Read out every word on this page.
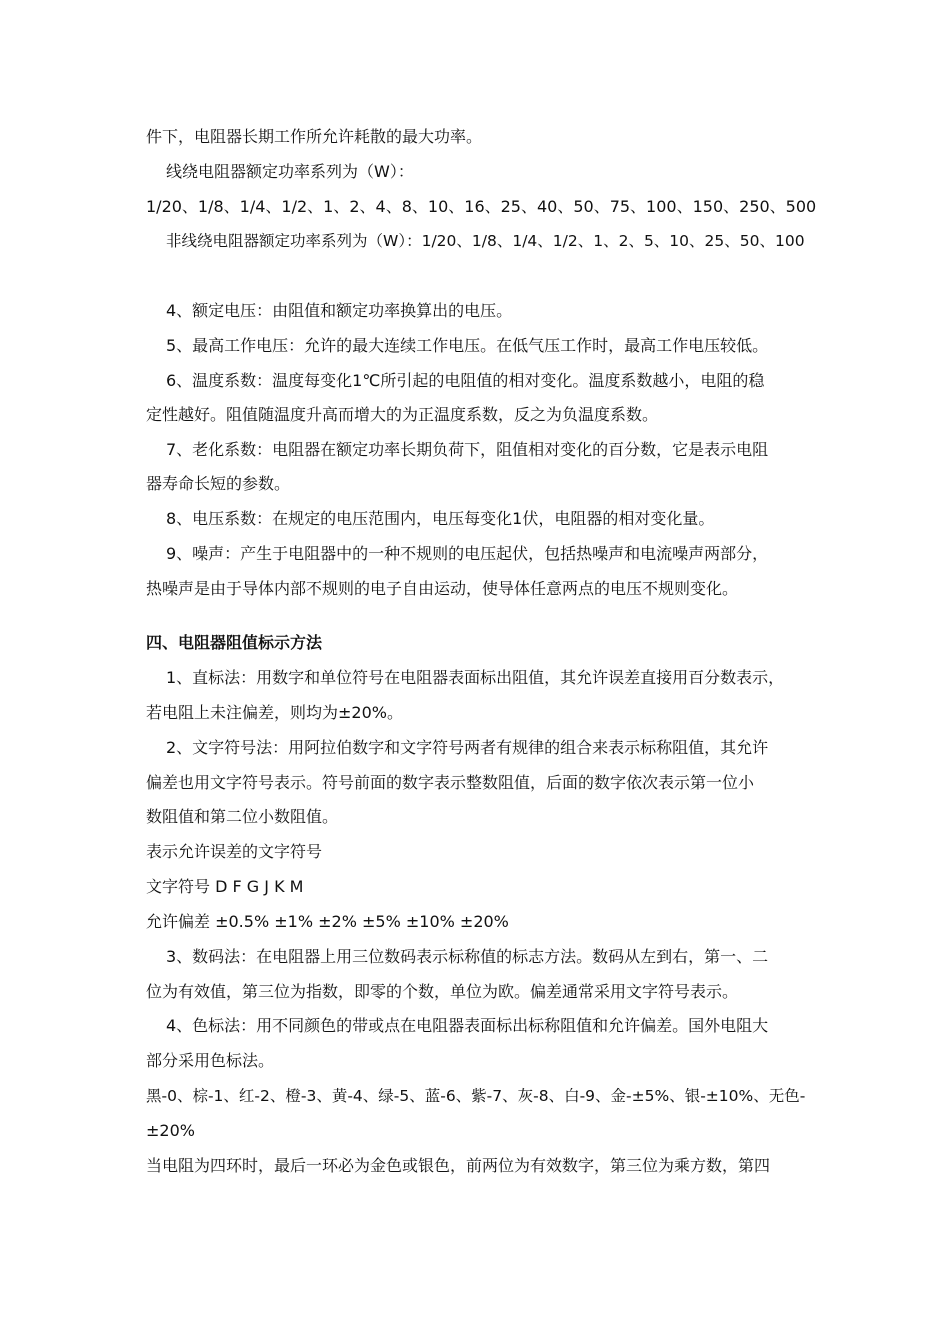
件下，电阻器长期工作所允许耗散的最大功率。
线绕电阻器额定功率系列为（W）：
1/20、1/8、1/4、1/2、1、2、4、8、10、16、25、40、50、75、100、150、250、500
非线绕电阻器额定功率系列为（W）：1/20、1/8、1/4、1/2、1、2、5、10、25、50、100
4、额定电压：由阻值和额定功率换算出的电压。
5、最高工作电压：允许的最大连续工作电压。在低气压工作时，最高工作电压较低。
6、温度系数：温度每变化1℃所引起的电阻值的相对变化。温度系数越小，电阻的稳
定性越好。阻值随温度升高而增大的为正温度系数，反之为负温度系数。
7、老化系数：电阻器在额定功率长期负荷下，阻值相对变化的百分数，它是表示电阻
器寿命长短的参数。
8、电压系数：在规定的电压范围内，电压每变化1伏，电阻器的相对变化量。
9、噪声：产生于电阻器中的一种不规则的电压起伏，包括热噪声和电流噪声两部分，
热噪声是由于导体内部不规则的电子自由运动，使导体任意两点的电压不规则变化。
四、电阻器阻值标示方法
1、直标法：用数字和单位符号在电阻器表面标出阻值，其允许误差直接用百分数表示，
若电阻上未注偏差，则均为±20%。
2、文字符号法：用阿拉伯数字和文字符号两者有规律的组合来表示标称阻值，其允许
偏差也用文字符号表示。符号前面的数字表示整数阻值，后面的数字依次表示第一位小
数阻值和第二位小数阻值。
表示允许误差的文字符号
文字符号 D F G J K M
允许偏差 ±0.5% ±1% ±2% ±5% ±10% ±20%
3、数码法：在电阻器上用三位数码表示标称值的标志方法。数码从左到右，第一、二
位为有效值，第三位为指数，即零的个数，单位为欧。偏差通常采用文字符号表示。
4、色标法：用不同颜色的带或点在电阻器表面标出标称阻值和允许偏差。国外电阻大
部分采用色标法。
黑-0、棕-1、红-2、橙-3、黄-4、绿-5、蓝-6、紫-7、灰-8、白-9、金-±5%、银-±10%、无色-
±20%
当电阻为四环时，最后一环必为金色或银色，前两位为有效数字，第三位为乘方数，第四
